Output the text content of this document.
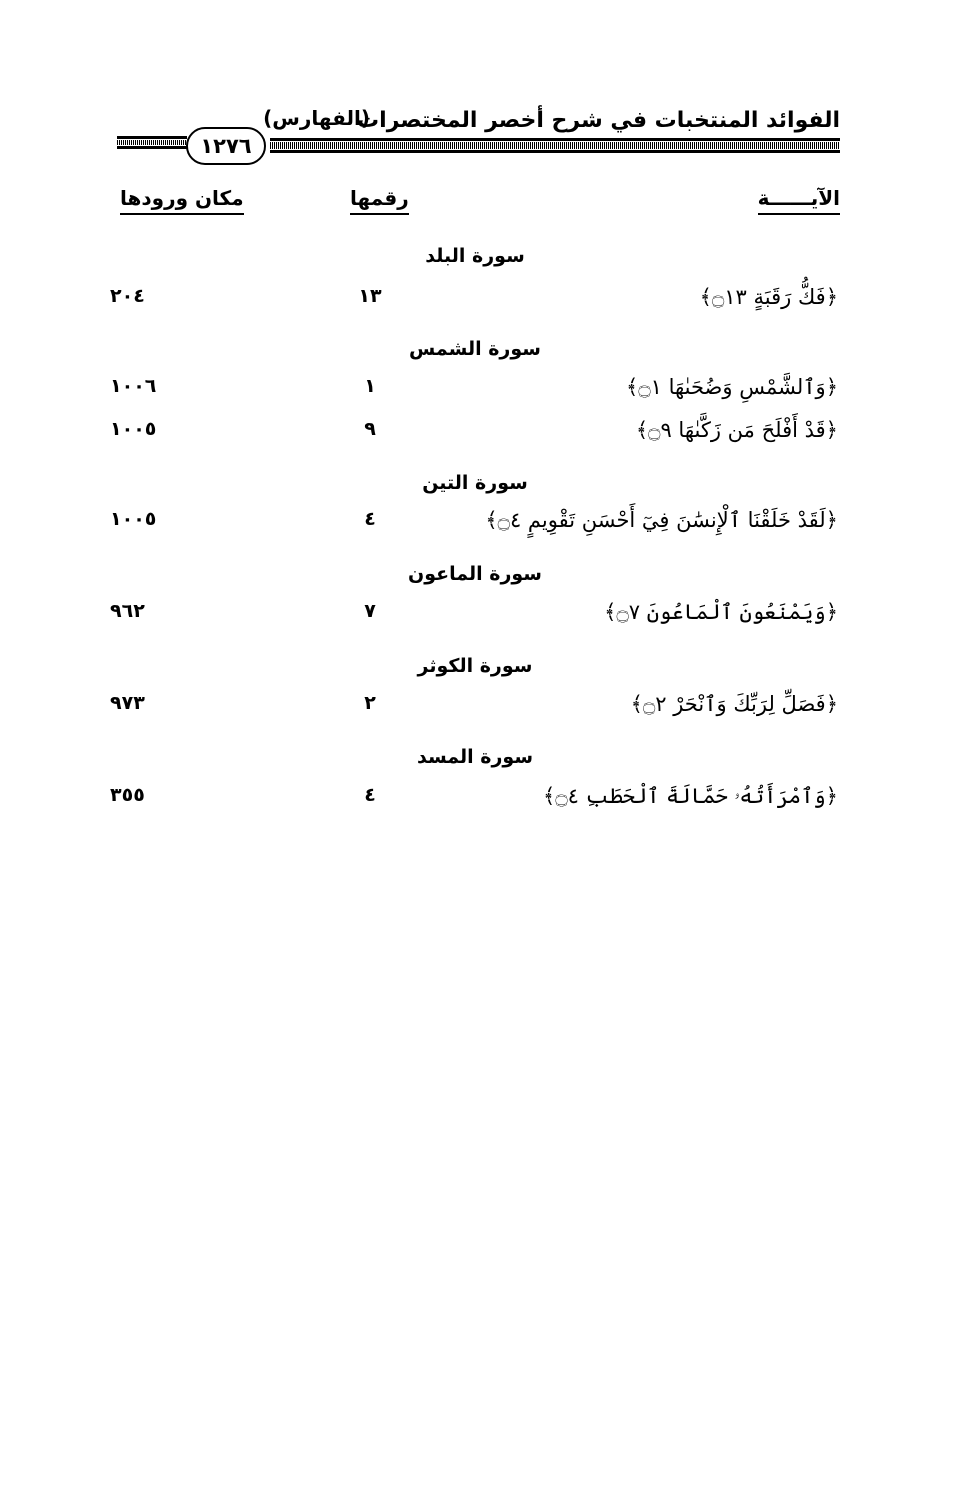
الفوائد المنتخبات في شرح أخصر المختصرات
(الفهارس)
١٢٧٦
الآيــــــة
رقمها
مكان ورودها
سورة البلد
﴿فَكُّ رَقَبَةٍ ۝١٣﴾
١٣
٢٠٤
سورة الشمس
﴿وَٱلشَّمْسِ وَضُحَىٰهَا ۝١﴾
١
١٠٠٦
﴿قَدْ أَفْلَحَ مَن زَكَّىٰهَا ۝٩﴾
٩
١٠٠٥
سورة التين
﴿لَقَدْ خَلَقْنَا ٱلْإِنسَٰنَ فِيٓ أَحْسَنِ تَقْوِيمٍ ۝٤﴾
٤
١٠٠٥
سورة الماعون
﴿وَيَمْنَعُونَ ٱلْمَاعُونَ ۝٧﴾
٧
٩٦٢
سورة الكوثر
﴿فَصَلِّ لِرَبِّكَ وَٱنْحَرْ ۝٢﴾
٢
٩٧٣
سورة المسد
﴿وَٱمْرَأَتُهُۥ حَمَّالَةَ ٱلْحَطَبِ ۝٤﴾
٤
٣٥٥
